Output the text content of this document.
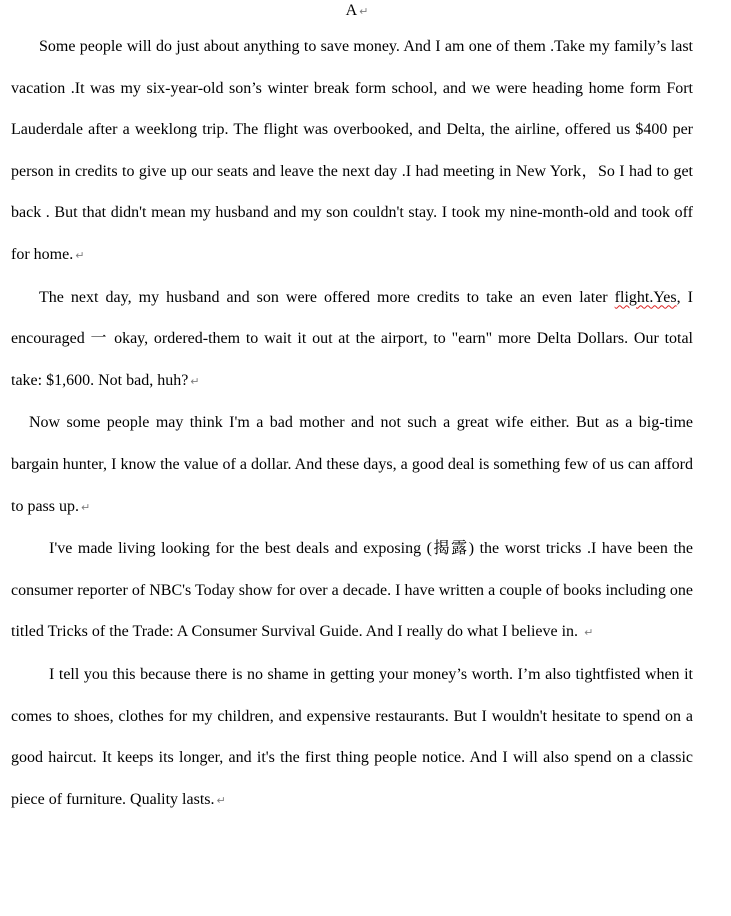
A ↵

Some people will do just about anything to save money. And I am one of them .Take my family’s last vacation .It was my six-year-old son’s winter break form school, and we were heading home form Fort Lauderdale after a weeklong trip. The flight was overbooked, and Delta, the airline, offered us $400 per person in credits to give up our seats and leave the next day .I had meeting in New York，So I had to get back . But that didn't mean my husband and my son couldn't stay. I took my nine-month-old and took off for home. ↵

The next day, my husband and son were offered more credits to take an even later flight.Yes, I encouraged 一 okay, ordered-them to wait it out at the airport, to "earn" more Delta Dollars. Our total take: $1,600. Not bad, huh? ↵

Now some people may think I'm a bad mother and not such a great wife either. But as a big-time bargain hunter, I know the value of a dollar. And these days, a good deal is something few of us can afford to pass up. ↵

I've made living looking for the best deals and exposing (揭露) the worst tricks .I have been the consumer reporter of NBC's Today show for over a decade. I have written a couple of books including one titled Tricks of the Trade: A Consumer Survival Guide. And I really do what I believe in. ↵

I tell you this because there is no shame in getting your money’s worth. I’m also tightfisted when it comes to shoes, clothes for my children, and expensive restaurants. But I wouldn't hesitate to spend on a good haircut. It keeps its longer, and it's the first thing people notice. And I will also spend on a classic piece of furniture. Quality lasts. ↵
